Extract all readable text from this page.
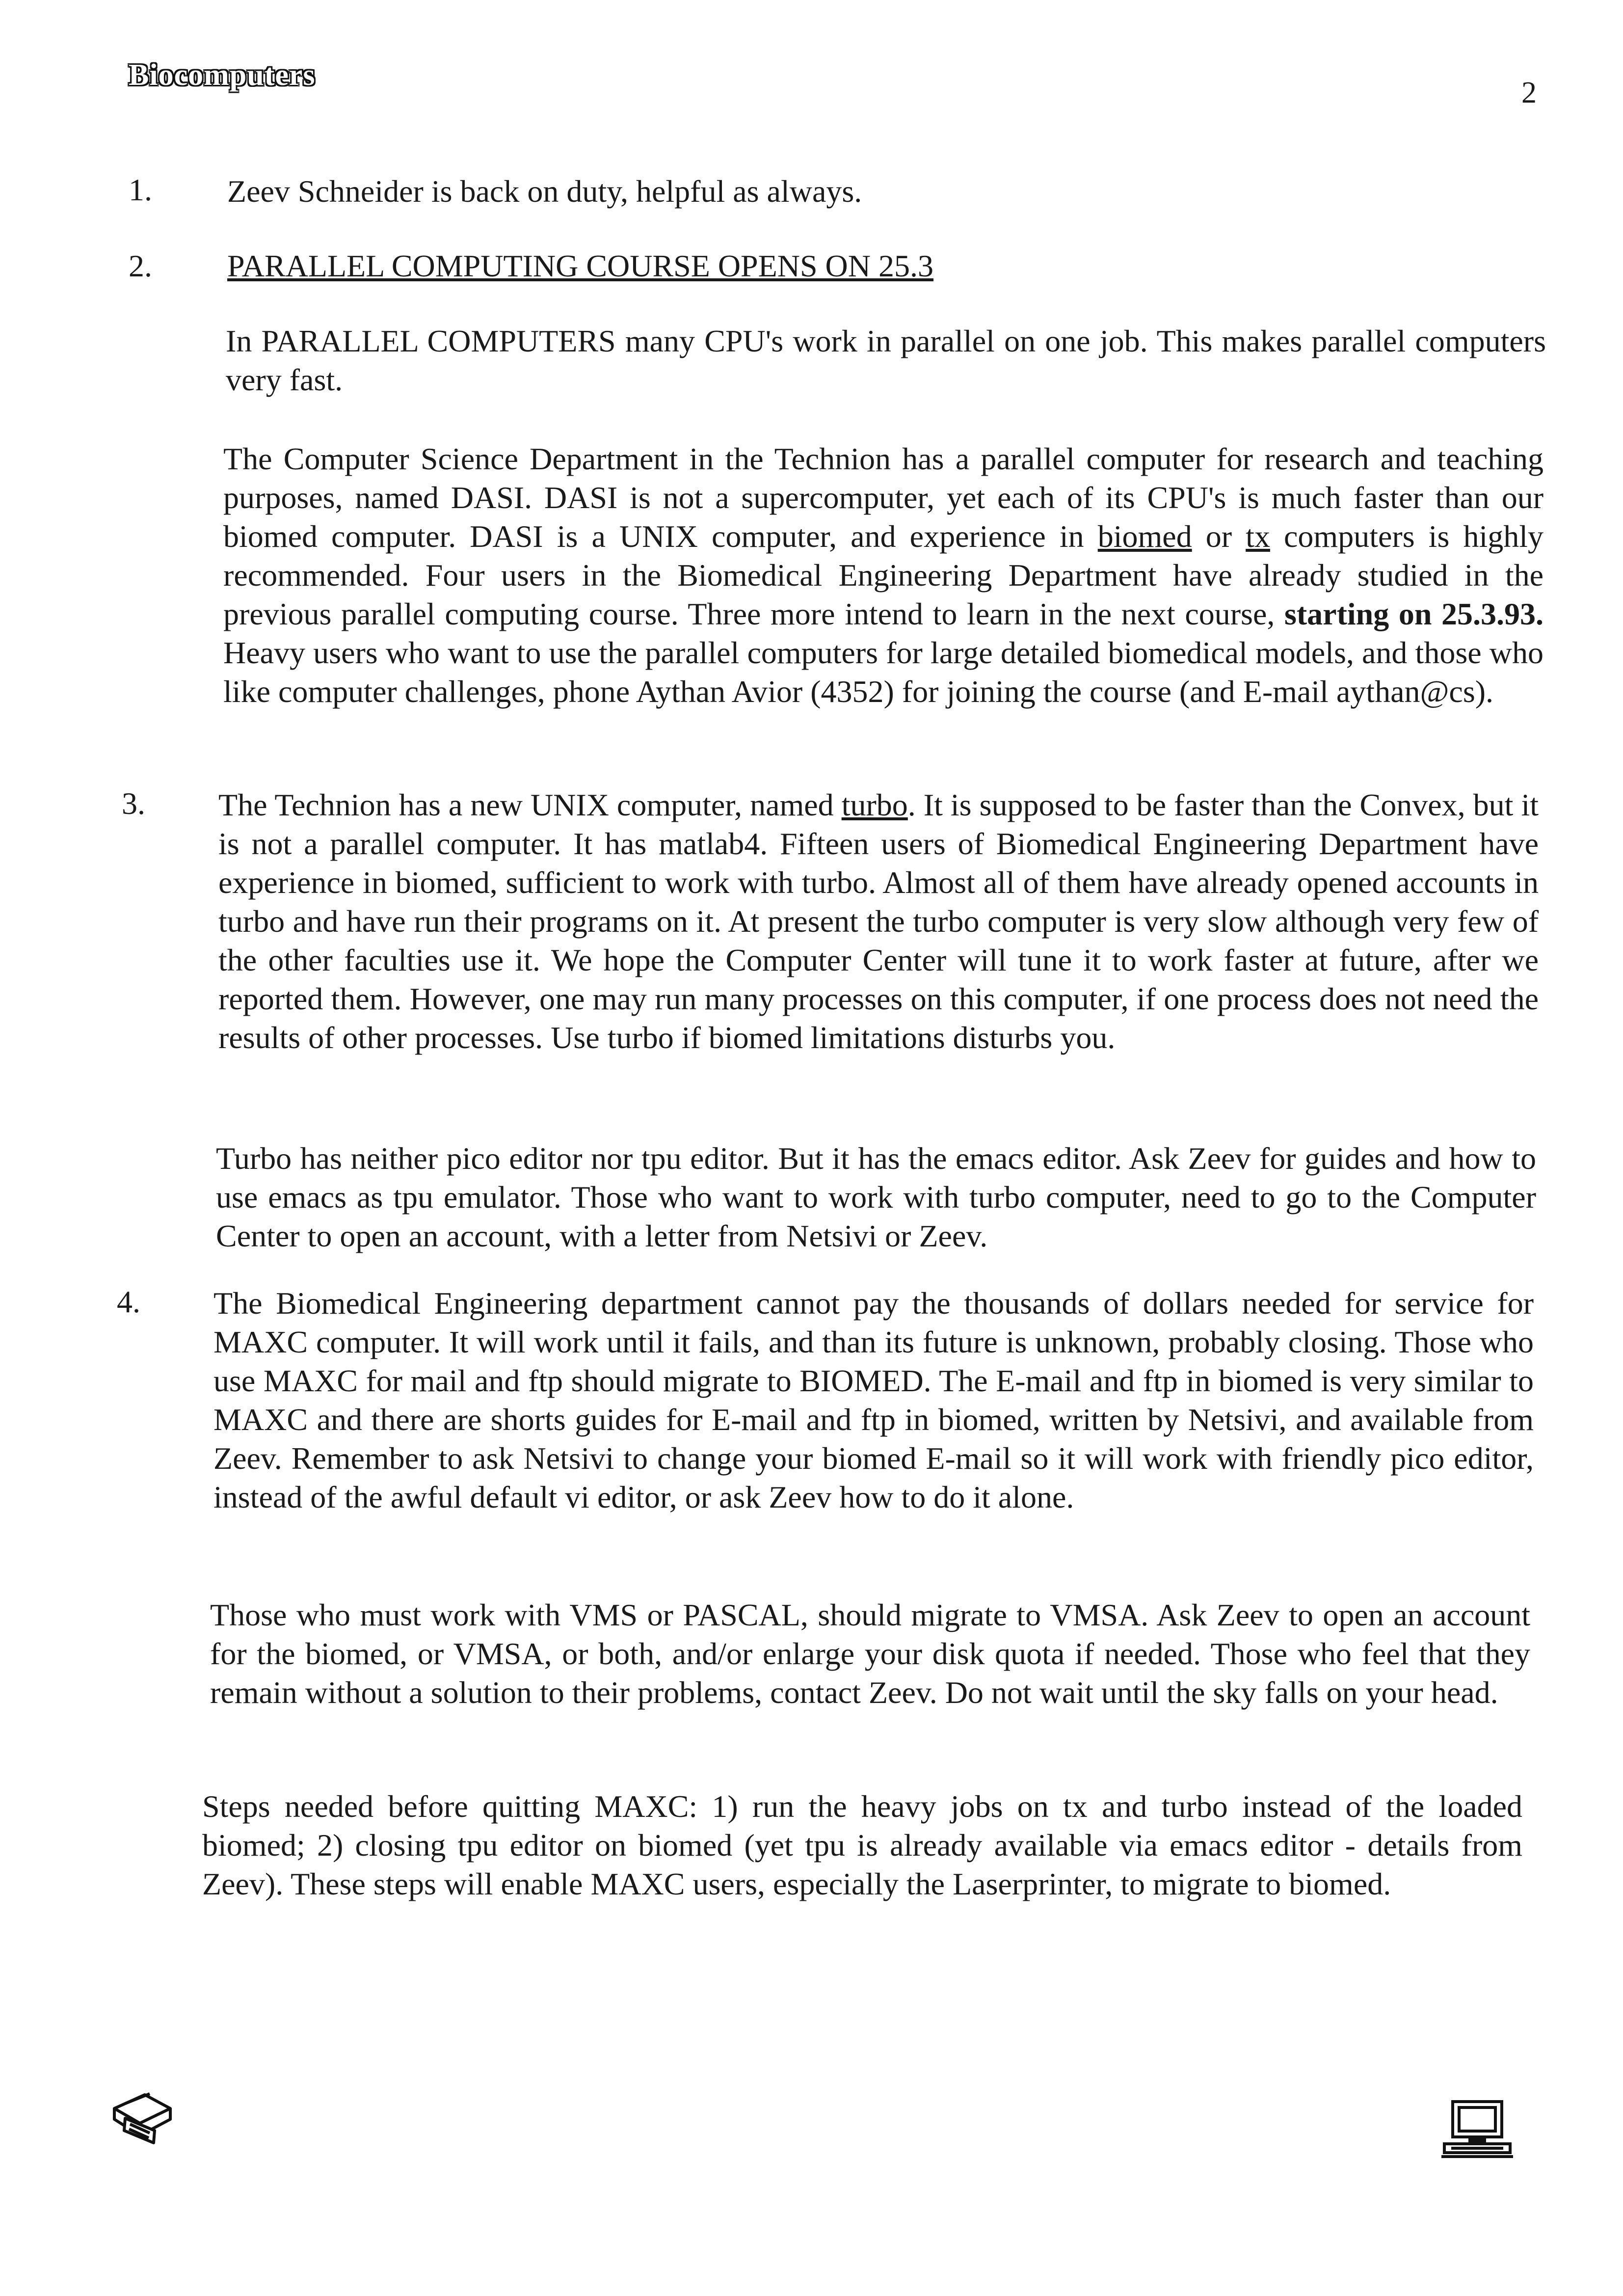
Biocomputers
2
1. Zeev Schneider is back on duty, helpful as always.

2. PARALLEL COMPUTING COURSE OPENS ON 25.3

In PARALLEL COMPUTERS many CPU's work in parallel on one job. This makes parallel computers very fast.

The Computer Science Department in the Technion has a parallel computer for research and teaching purposes, named DASI. DASI is not a supercomputer, yet each of its CPU's is much faster than our biomed computer. DASI is a UNIX computer, and experience in biomed or tx computers is highly recommended. Four users in the Biomedical Engineering Department have already studied in the previous parallel computing course. Three more intend to learn in the next course, starting on 25.3.93. Heavy users who want to use the parallel computers for large detailed biomedical models, and those who like computer challenges, phone Aythan Avior (4352) for joining the course (and E-mail aythan@cs).

3. The Technion has a new UNIX computer, named turbo. It is supposed to be faster than the Convex, but it is not a parallel computer. It has matlab4. Fifteen users of Biomedical Engineering Department have experience in biomed, sufficient to work with turbo. Almost all of them have already opened accounts in turbo and have run their programs on it. At present the turbo computer is very slow although very few of the other faculties use it. We hope the Computer Center will tune it to work faster at future, after we reported them. However, one may run many processes on this computer, if one process does not need the results of other processes. Use turbo if biomed limitations disturbs you.

Turbo has neither pico editor nor tpu editor. But it has the emacs editor. Ask Zeev for guides and how to use emacs as tpu emulator. Those who want to work with turbo computer, need to go to the Computer Center to open an account, with a letter from Netsivi or Zeev.

4. The Biomedical Engineering department cannot pay the thousands of dollars needed for service for MAXC computer. It will work until it fails, and than its future is unknown, probably closing. Those who use MAXC for mail and ftp should migrate to BIOMED. The E-mail and ftp in biomed is very similar to MAXC and there are shorts guides for E-mail and ftp in biomed, written by Netsivi, and available from Zeev. Remember to ask Netsivi to change your biomed E-mail so it will work with friendly pico editor, instead of the awful default vi editor, or ask Zeev how to do it alone.

Those who must work with VMS or PASCAL, should migrate to VMSA. Ask Zeev to open an account for the biomed, or VMSA, or both, and/or enlarge your disk quota if needed. Those who feel that they remain without a solution to their problems, contact Zeev. Do not wait until the sky falls on your head.

Steps needed before quitting MAXC: 1) run the heavy jobs on tx and turbo instead of the loaded biomed; 2) closing tpu editor on biomed (yet tpu is already available via emacs editor - details from Zeev). These steps will enable MAXC users, especially the Laserprinter, to migrate to biomed.
